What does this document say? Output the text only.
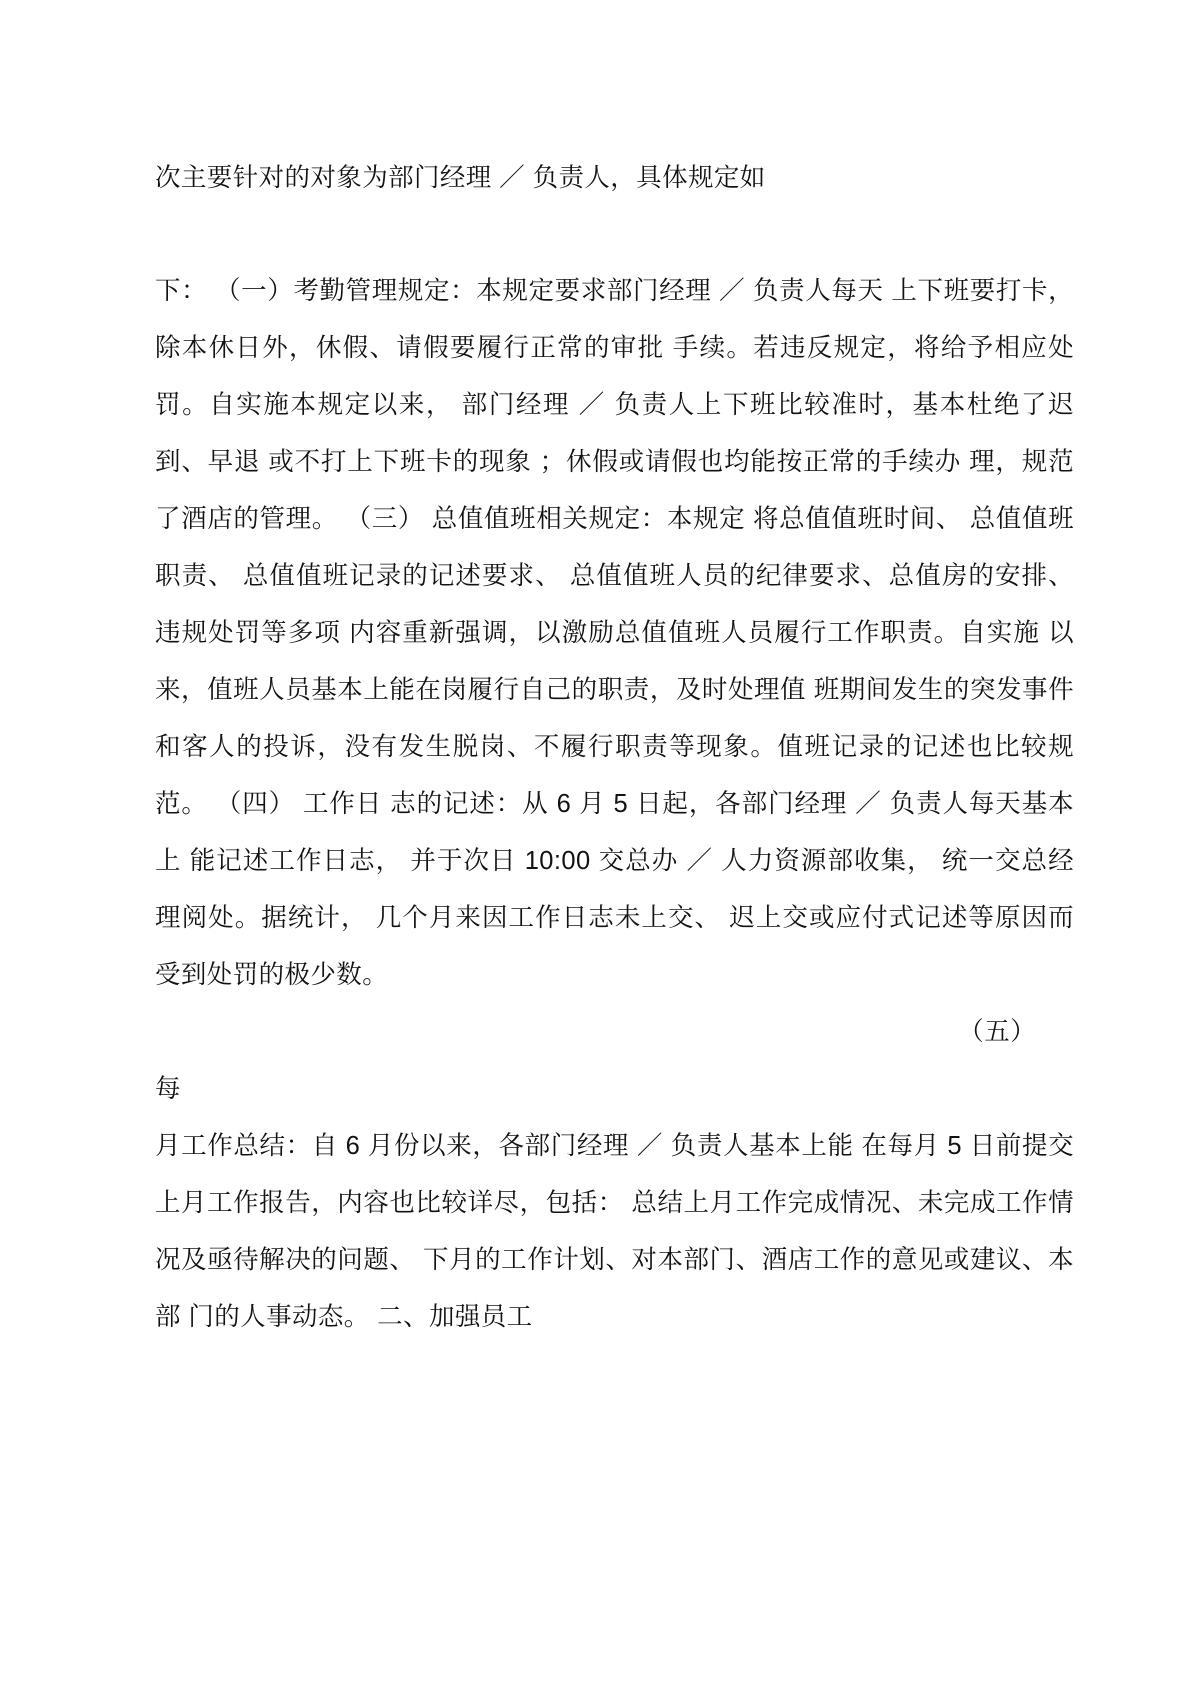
次主要针对的对象为部门经理 ／ 负责人，具体规定如

下： （一）考勤管理规定：本规定要求部门经理 ／ 负责人每天 上下班要打卡，除本休日外，休假、请假要履行正常的审批 手续。若违反规定，将给予相应处罚。自实施本规定以来， 部门经理 ／ 负责人上下班比较准时，基本杜绝了迟到、早退 或不打上下班卡的现象 ；休假或请假也均能按正常的手续办 理，规范了酒店的管理。 （三） 总值值班相关规定：本规定 将总值值班时间、 总值值班职责、 总值值班记录的记述要求、 总值值班人员的纪律要求、总值房的安排、违规处罚等多项 内容重新强调，以激励总值值班人员履行工作职责。自实施 以来，值班人员基本上能在岗履行自己的职责，及时处理值 班期间发生的突发事件和客人的投诉，没有发生脱岗、不履行职责等现象。值班记录的记述也比较规范。 （四） 工作日 志的记述：从 6 月 5 日起，各部门经理 ／ 负责人每天基本上 能记述工作日志， 并于次日 10:00 交总办 ／ 人力资源部收集， 统一交总经理阅处。据统计， 几个月来因工作日志未上交、 迟上交或应付式记述等原因而受到处罚的极少数。

（五）

每

月工作总结：自 6 月份以来，各部门经理 ／ 负责人基本上能 在每月 5 日前提交上月工作报告，内容也比较详尽，包括： 总结上月工作完成情况、未完成工作情况及亟待解决的问题、 下月的工作计划、对本部门、酒店工作的意见或建议、本部 门的人事动态。 二、加强员工
